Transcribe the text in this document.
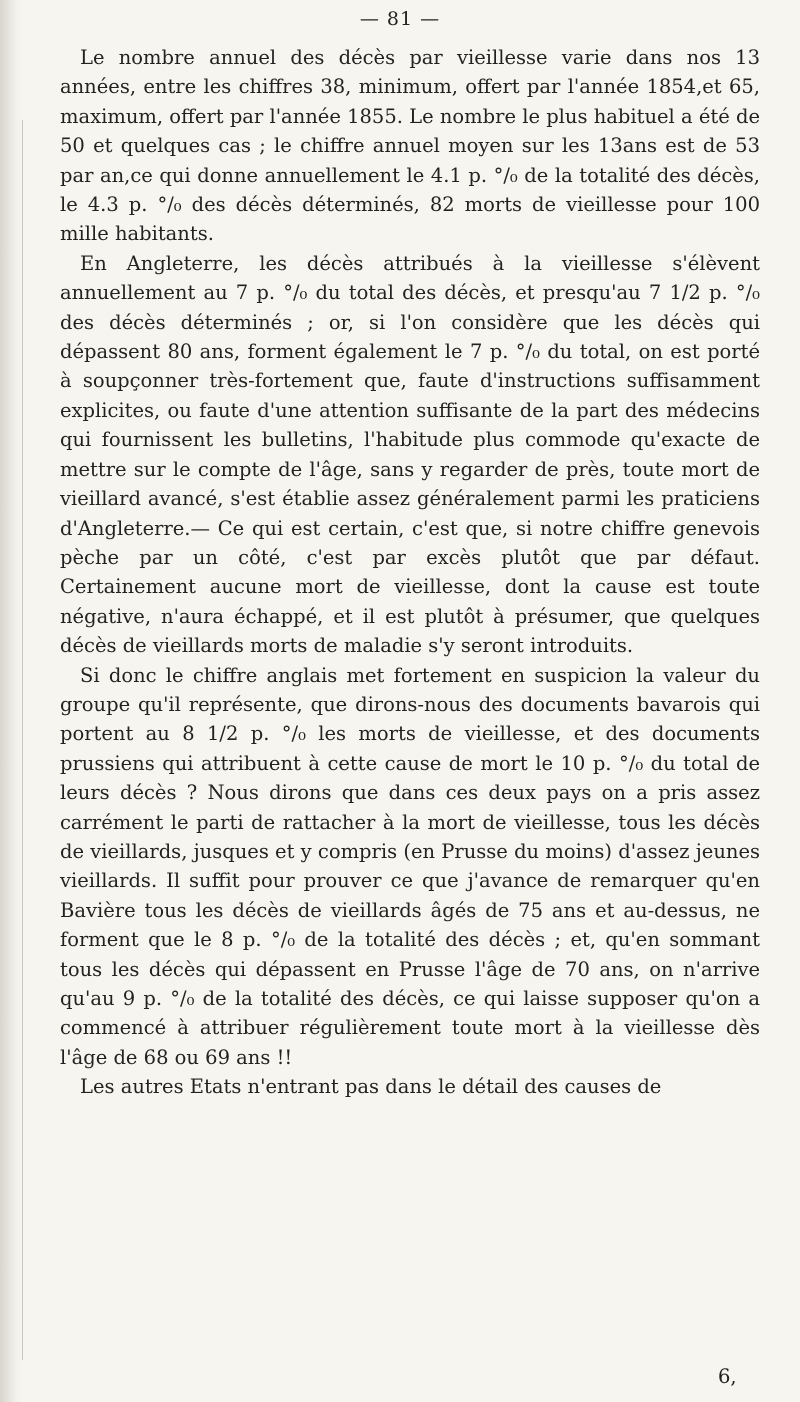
— 81 —

Le nombre annuel des décès par vieillesse varie dans nos 13 années, entre les chiffres 38, minimum, offert par l'année 1854,et 65, maximum, offert par l'année 1855. Le nombre le plus habituel a été de 50 et quelques cas ; le chiffre annuel moyen sur les 13ans est de 53 par an,ce qui donne annuellement le 4.1 p. °/₀ de la totalité des décès, le 4.3 p. °/₀ des décès déterminés, 82 morts de vieillesse pour 100 mille habitants.

En Angleterre, les décès attribués à la vieillesse s'élèvent annuellement au 7 p. °/₀ du total des décès, et presqu'au 7 1/2 p. °/₀ des décès déterminés ; or, si l'on considère que les décès qui dépassent 80 ans, forment également le 7 p. °/₀ du total, on est porté à soupçonner très-fortement que, faute d'instructions suffisamment explicites, ou faute d'une attention suffisante de la part des médecins qui fournissent les bulletins, l'habitude plus commode qu'exacte de mettre sur le compte de l'âge, sans y regarder de près, toute mort de vieillard avancé, s'est établie assez généralement parmi les praticiens d'Angleterre.— Ce qui est certain, c'est que, si notre chiffre genevois pèche par un côté, c'est par excès plutôt que par défaut. Certainement aucune mort de vieillesse, dont la cause est toute négative, n'aura échappé, et il est plutôt à présumer, que quelques décès de vieillards morts de maladie s'y seront introduits.

Si donc le chiffre anglais met fortement en suspicion la valeur du groupe qu'il représente, que dirons-nous des documents bavarois qui portent au 8 1/2 p. °/₀ les morts de vieillesse, et des documents prussiens qui attribuent à cette cause de mort le 10 p. °/₀ du total de leurs décès ? Nous dirons que dans ces deux pays on a pris assez carrément le parti de rattacher à la mort de vieillesse, tous les décès de vieillards, jusques et y compris (en Prusse du moins) d'assez jeunes vieillards. Il suffit pour prouver ce que j'avance de remarquer qu'en Bavière tous les décès de vieillards âgés de 75 ans et au-dessus, ne forment que le 8 p. °/₀ de la totalité des décès ; et, qu'en sommant tous les décès qui dépassent en Prusse l'âge de 70 ans, on n'arrive qu'au 9 p. °/₀ de la totalité des décès, ce qui laisse supposer qu'on a commencé à attribuer régulièrement toute mort à la vieillesse dès l'âge de 68 ou 69 ans !!

Les autres Etats n'entrant pas dans le détail des causes de

6,
